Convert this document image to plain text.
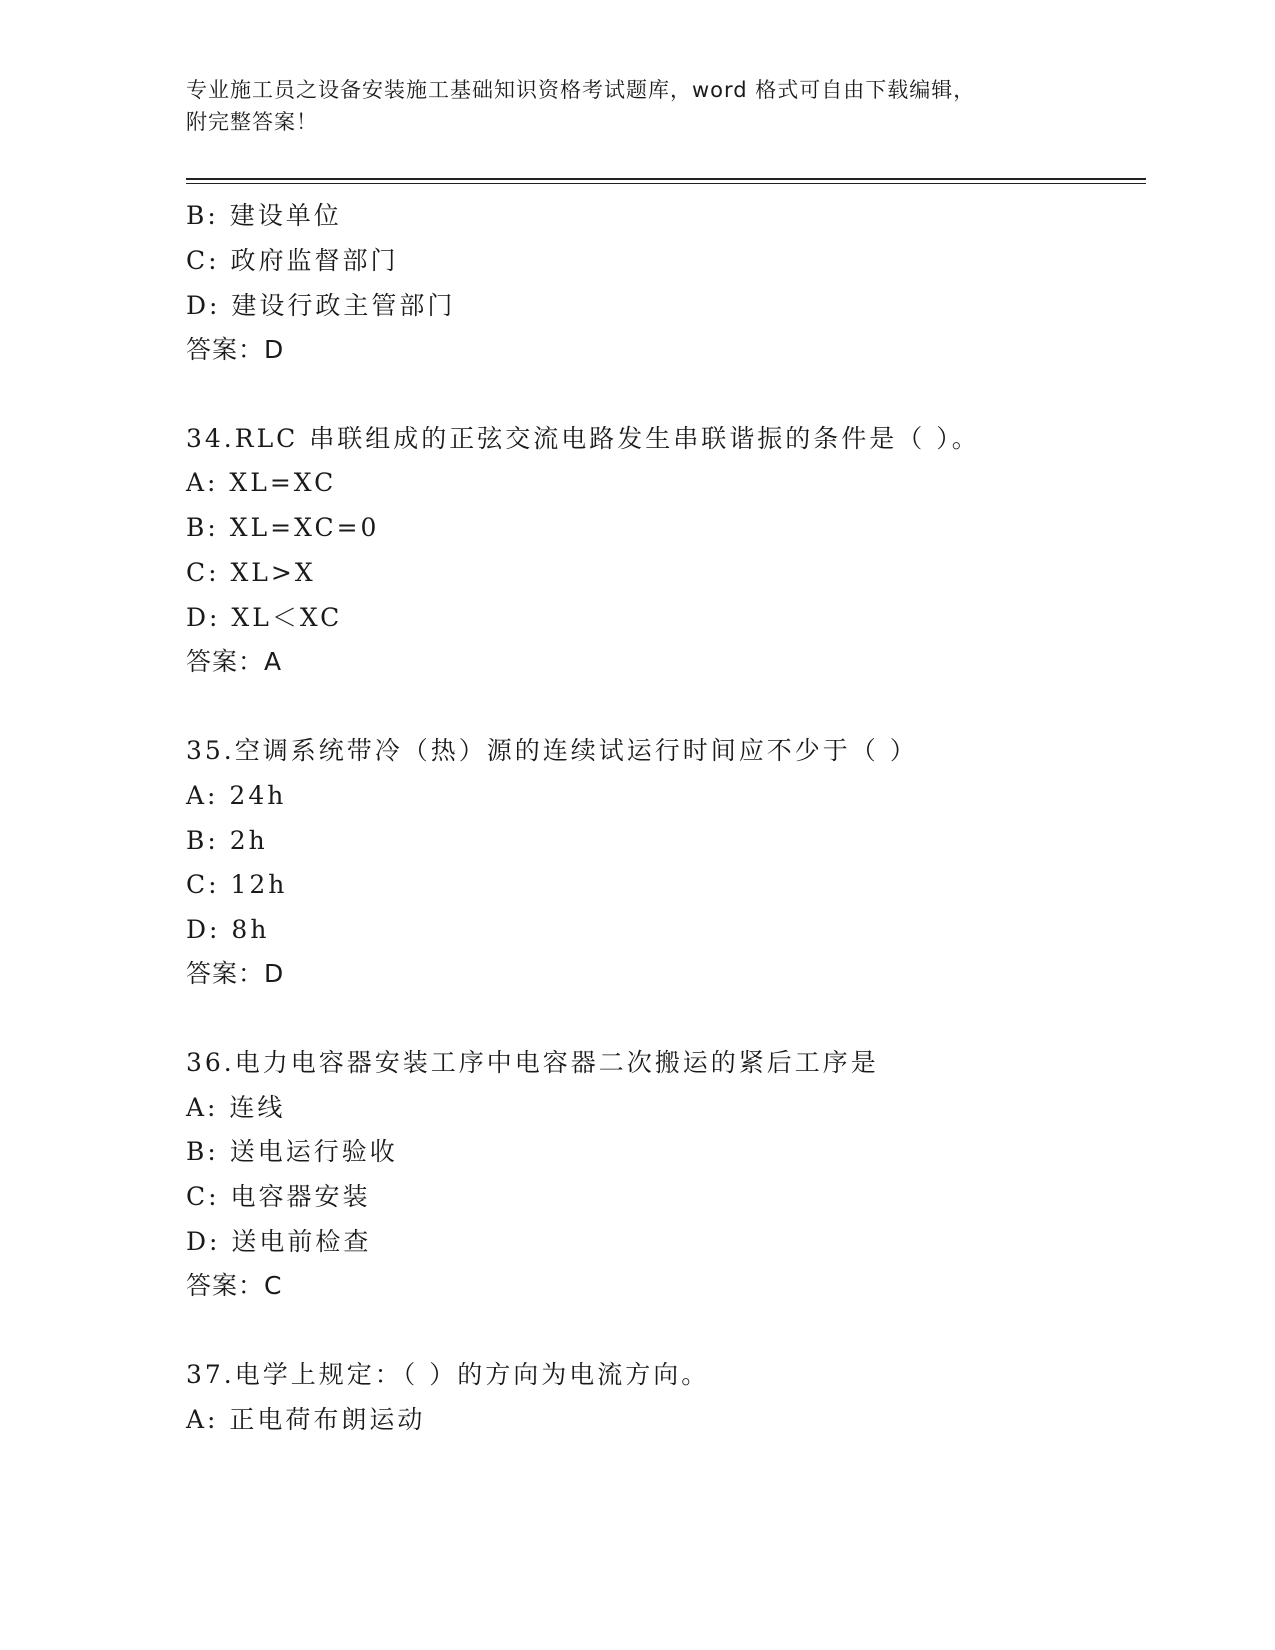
专业施工员之设备安装施工基础知识资格考试题库，word 格式可自由下载编辑，
附完整答案！
B: 建设单位
C: 政府监督部门
D: 建设行政主管部门
答案：D
34.RLC 串联组成的正弦交流电路发生串联谐振的条件是（ ）。
A: XL=XC
B: XL=XC=0
C: XL>X
D: XL＜XC
答案：A
35.空调系统带冷（热）源的连续试运行时间应不少于（ ）
A: 24h
B: 2h
C: 12h
D: 8h
答案：D
36.电力电容器安装工序中电容器二次搬运的紧后工序是
A: 连线
B: 送电运行验收
C: 电容器安装
D: 送电前检查
答案：C
37.电学上规定：（ ）的方向为电流方向。
A: 正电荷布朗运动
